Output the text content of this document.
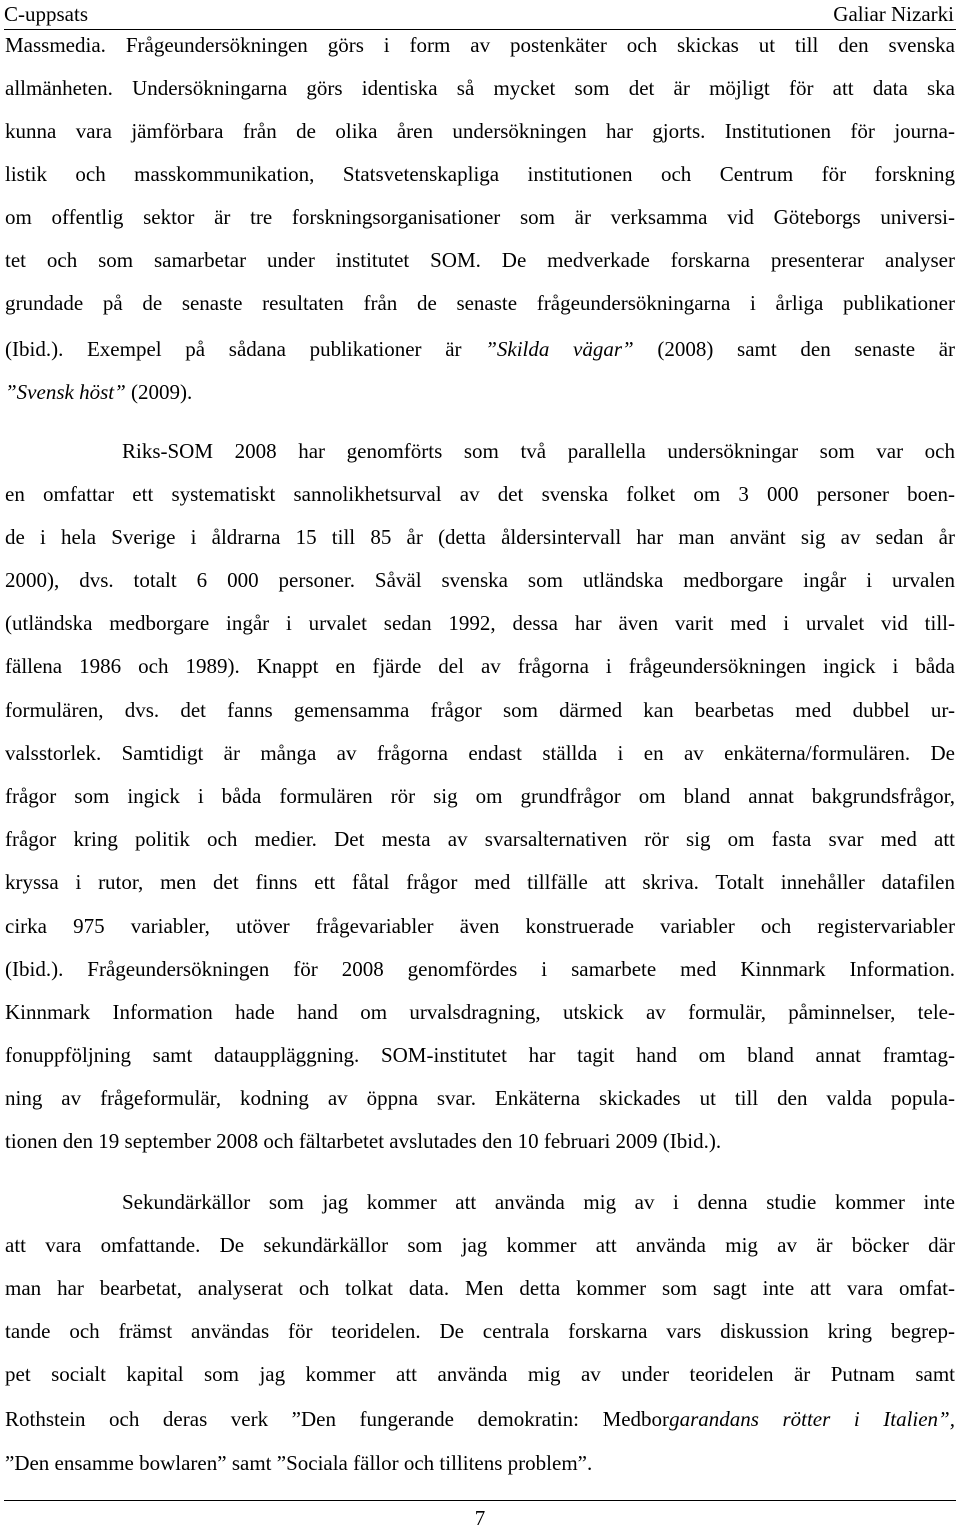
C-uppsats	Galiar Nizarki
Massmedia. Frågeundersökningen görs i form av postenkäter och skickas ut till den svenska
allmänheten. Undersökningarna görs identiska så mycket som det är möjligt för att data ska
kunna vara jämförbara från de olika åren undersökningen har gjorts. Institutionen för journa-
listik och masskommunikation, Statsvetenskapliga institutionen och Centrum för forskning
om offentlig sektor är tre forskningsorganisationer som är verksamma vid Göteborgs universi-
tet och som samarbetar under institutet SOM. De medverkade forskarna presenterar analyser
grundade på de senaste resultaten från de senaste frågeundersökningarna i årliga publikationer
(Ibid.). Exempel på sådana publikationer är ”Skilda vägar” (2008) samt den senaste är
”Svensk höst” (2009).
Riks-SOM 2008 har genomförts som två parallella undersökningar som var och
en omfattar ett systematiskt sannolikhetsurval av det svenska folket om 3 000 personer boen-
de i hela Sverige i åldrarna 15 till 85 år (detta åldersintervall har man använt sig av sedan år
2000), dvs. totalt 6 000 personer. Såväl svenska som utländska medborgare ingår i urvalen
(utländska medborgare ingår i urvalet sedan 1992, dessa har även varit med i urvalet vid till-
fällena 1986 och 1989). Knappt en fjärde del av frågorna i frågeundersökningen ingick i båda
formulären, dvs. det fanns gemensamma frågor som därmed kan bearbetas med dubbel ur-
valsstorlek. Samtidigt är många av frågorna endast ställda i en av enkäterna/formulären. De
frågor som ingick i båda formulären rör sig om grundfrågor om bland annat bakgrundsfrågor,
frågor kring politik och medier. Det mesta av svarsalternativen rör sig om fasta svar med att
kryssa i rutor, men det finns ett fåtal frågor med tillfälle att skriva. Totalt innehåller datafilen
cirka 975 variabler, utöver frågevariabler även konstruerade variabler och registervariabler
(Ibid.). Frågeundersökningen för 2008 genomfördes i samarbete med Kinnmark Information.
Kinnmark Information hade hand om urvalsdragning, utskick av formulär, påminnelser, tele-
fonuppföljning samt datauppläggning. SOM-institutet har tagit hand om bland annat framtag-
ning av frågeformulär, kodning av öppna svar. Enkäterna skickades ut till den valda popula-
tionen den 19 september 2008 och fältarbetet avslutades den 10 februari 2009 (Ibid.).
Sekundärkällor som jag kommer att använda mig av i denna studie kommer inte
att vara omfattande. De sekundärkällor som jag kommer att använda mig av är böcker där
man har bearbetat, analyserat och tolkat data. Men detta kommer som sagt inte att vara omfat-
tande och främst användas för teoridelen. De centrala forskarna vars diskussion kring begrep-
pet socialt kapital som jag kommer att använda mig av under teoridelen är Putnam samt
Rothstein och deras verk ”Den fungerande demokratin: Medborgarandans rötter i Italien”,
”Den ensamme bowlaren” samt ”Sociala fällor och tillitens problem”.
7
